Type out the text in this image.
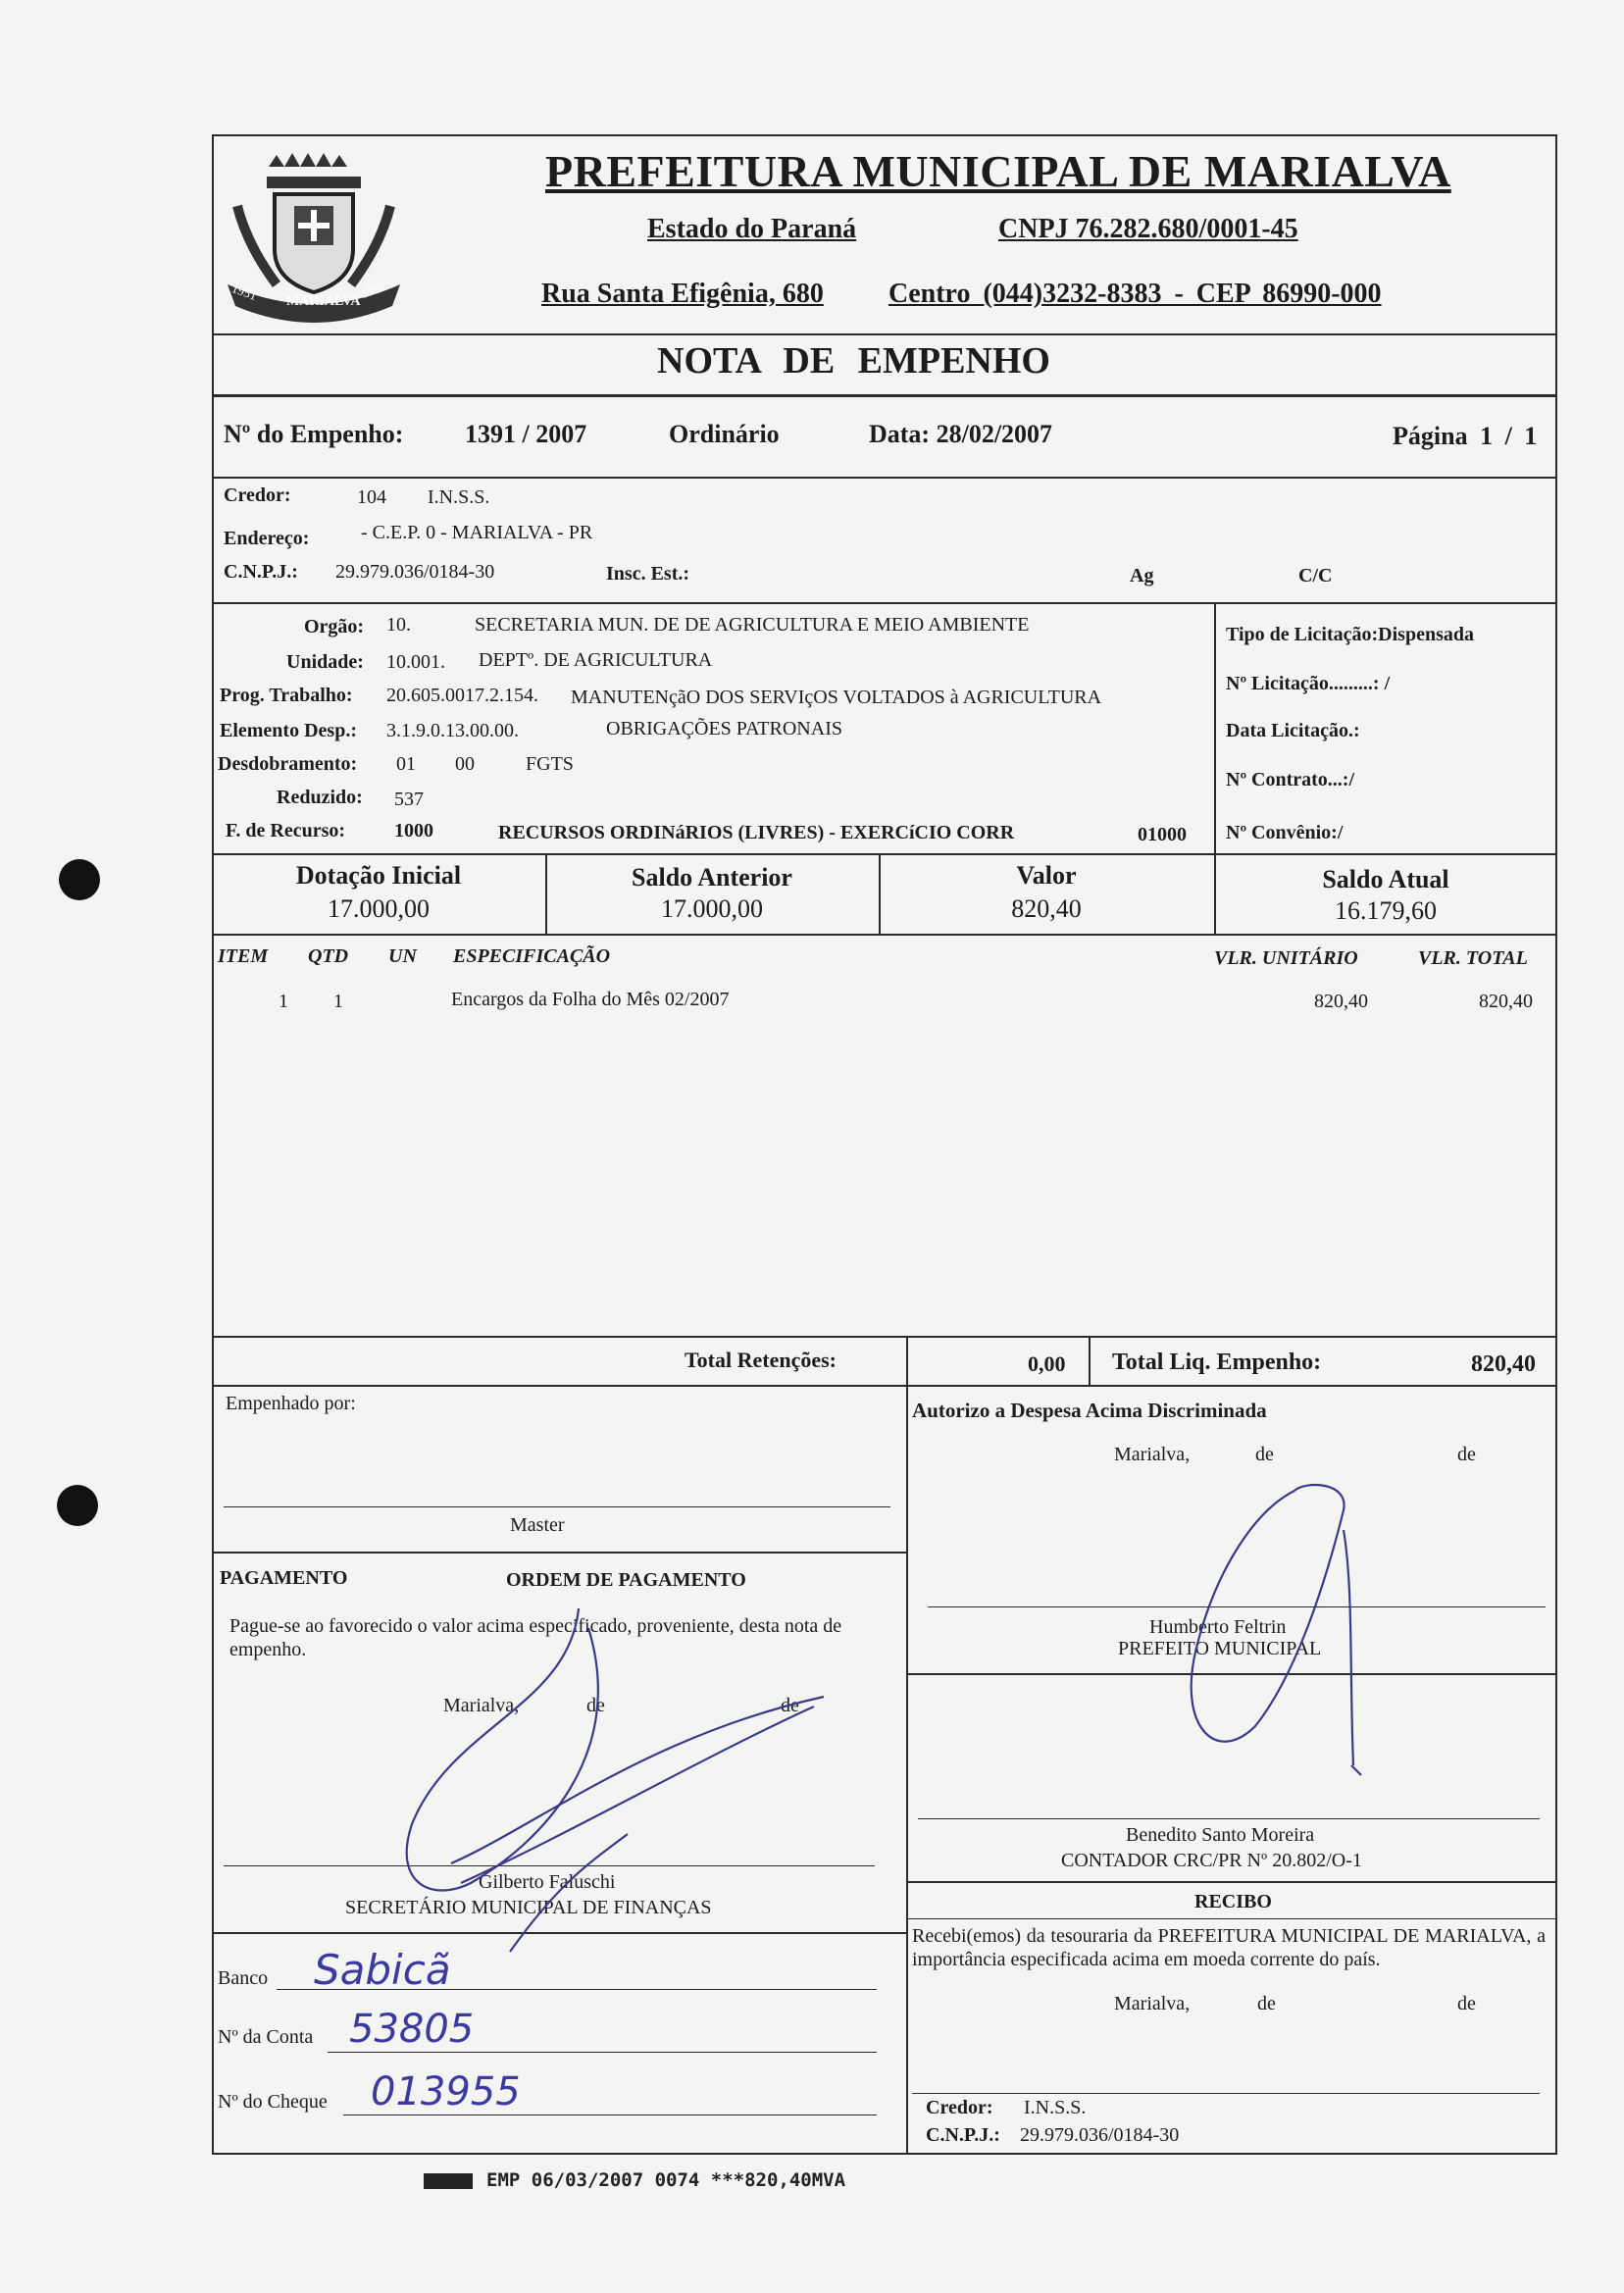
1951 MARIALVA
1952
PREFEITURA MUNICIPAL DE MARIALVA
Estado do Paraná	CNPJ 76.282.680/0001-45
Rua Santa Efigênia, 680 Centro (044)3232-8383 - CEP 86990-000
NOTA DE EMPENHO
Nº do Empenho: 1391 / 2007	Ordinário	Data: 28/02/2007	Página 1 / 1
Credor:	104 I.N.S.S.
Endereço:	- C.E.P. 0 - MARIALVA - PR
C.N.P.J.: 29.979.036/0184-30	Insc. Est.:	Ag	C/C
Orgão: 10.	SECRETARIA MUN. DE DE AGRICULTURA E MEIO AMBIENTE
Unidade: 10.001. DEPTº. DE AGRICULTURA
Prog. Trabalho: 20.605.0017.2.154. MANUTENçãO DOS SERVIçOS VOLTADOS à AGRICULTURA
Elemento Desp.: 3.1.9.0.13.00.00.	OBRIGAÇÕES PATRONAIS
Desdobramento: 01 00	FGTS
Reduzido: 537
F. de Recurso: 1000	RECURSOS ORDINáRIOS (LIVRES) - EXERCíCIO CORR	01000
Tipo de Licitação:Dispensada
Nº Licitação.........: /
Data Licitação.:
Nº Contrato...:/
Nº Convênio:/
Dotação Inicial
17.000,00
Saldo Anterior
17.000,00
Valor
820,40
Saldo Atual
16.179,60
ITEM QTD UN ESPECIFICAÇÃO	VLR. UNITÁRIO	VLR. TOTAL
1 1	Encargos da Folha do Mês 02/2007	820,40	820,40
Total Retenções:	0,00 Total Liq. Empenho:	820,40
Empenhado por:
Master
PAGAMENTO	ORDEM DE PAGAMENTO
Pague-se ao favorecido o valor acima especificado, proveniente, desta nota de empenho.
Marialva,	de	de
Gilberto Faluschi
SECRETÁRIO MUNICIPAL DE FINANÇAS
Banco Sabicã
Nº da Conta 53805
Nº do Cheque 013955
Autorizo a Despesa Acima Discriminada
Marialva,	de	de
Humberto Feltrin
PREFEITO MUNICIPAL
Benedito Santo Moreira
CONTADOR CRC/PR Nº 20.802/O-1
RECIBO
Recebi(emos) da tesouraria da PREFEITURA MUNICIPAL DE MARIALVA, a importância especificada acima em moeda corrente do país.
Marialva,	de	de
Credor: I.N.S.S.
C.N.P.J.: 29.979.036/0184-30
EMP 06/03/2007 0074 ***820,40MVA
